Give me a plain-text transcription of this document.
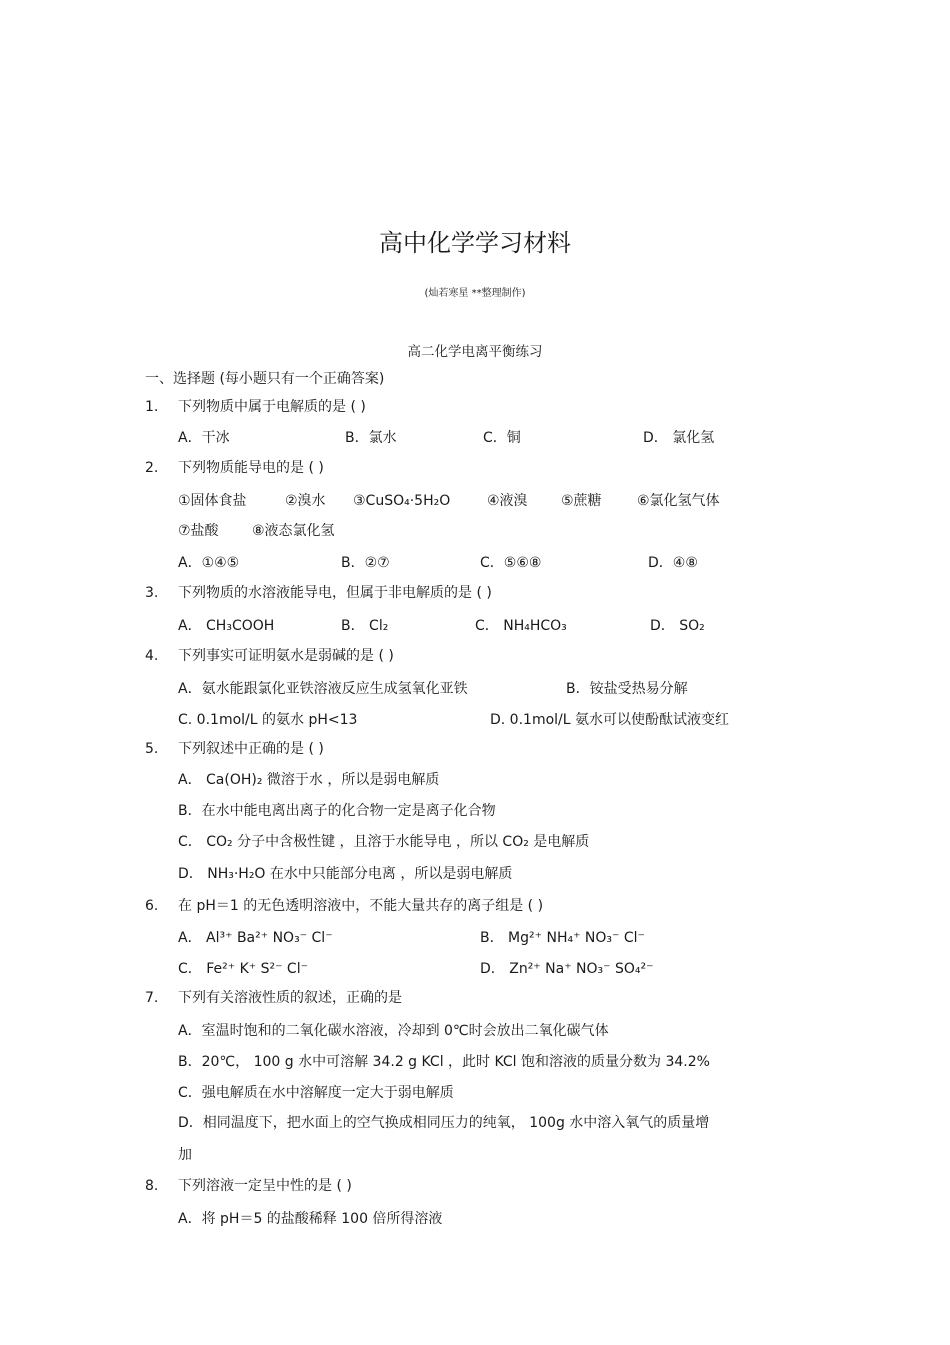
高中化学学习材料
(灿若寒星 **整理制作)
高二化学电离平衡练习
一、选择题 (每小题只有一个正确答案)
1. 下列物质中属于电解质的是 ( )
A．干冰	B．氯水	C．铜	D． 氯化氢
2. 下列物质能导电的是 ( )
①固体食盐	②溴水 ③CuSO₄·5H₂O	④液溴 ⑤蔗糖	⑥氯化氢气体
⑦盐酸 ⑧液态氯化氢
A．①④⑤	B．②⑦	C．⑤⑥⑧	D．④⑧
3. 下列物质的水溶液能导电，但属于非电解质的是 ( )
A． CH₃COOH	B． Cl₂	C． NH₄HCO₃	D． SO₂
4. 下列事实可证明氨水是弱碱的是 ( )
A．氨水能跟氯化亚铁溶液反应生成氢氧化亚铁	B．铵盐受热易分解
C. 0.1mol/L 的氨水 pH<13	D. 0.1mol/L 氨水可以使酚酞试液变红
5. 下列叙述中正确的是 ( )
A． Ca(OH)₂ 微溶于水 ，所以是弱电解质
B．在水中能电离出离子的化合物一定是离子化合物
C． CO₂ 分子中含极性键 ，且溶于水能导电 ，所以 CO₂ 是电解质
D． NH₃·H₂O 在水中只能部分电离 ，所以是弱电解质
6. 在 pH＝1 的无色透明溶液中，不能大量共存的离子组是 ( )
A． Al³⁺ Ba²⁺ NO₃⁻ Cl⁻	B． Mg²⁺ NH₄⁺ NO₃⁻ Cl⁻
C． Fe²⁺ K⁺ S²⁻ Cl⁻	D． Zn²⁺ Na⁺ NO₃⁻ SO₄²⁻
7. 下列有关溶液性质的叙述，正确的是
A．室温时饱和的二氧化碳水溶液，冷却到 0℃时会放出二氧化碳气体
B．20℃， 100 g 水中可溶解 34.2 g KCl ，此时 KCl 饱和溶液的质量分数为 34.2%
C．强电解质在水中溶解度一定大于弱电解质
D．相同温度下，把水面上的空气换成相同压力的纯氧， 100g 水中溶入氧气的质量增
加
8. 下列溶液一定呈中性的是 ( )
A．将 pH＝5 的盐酸稀释 100 倍所得溶液
